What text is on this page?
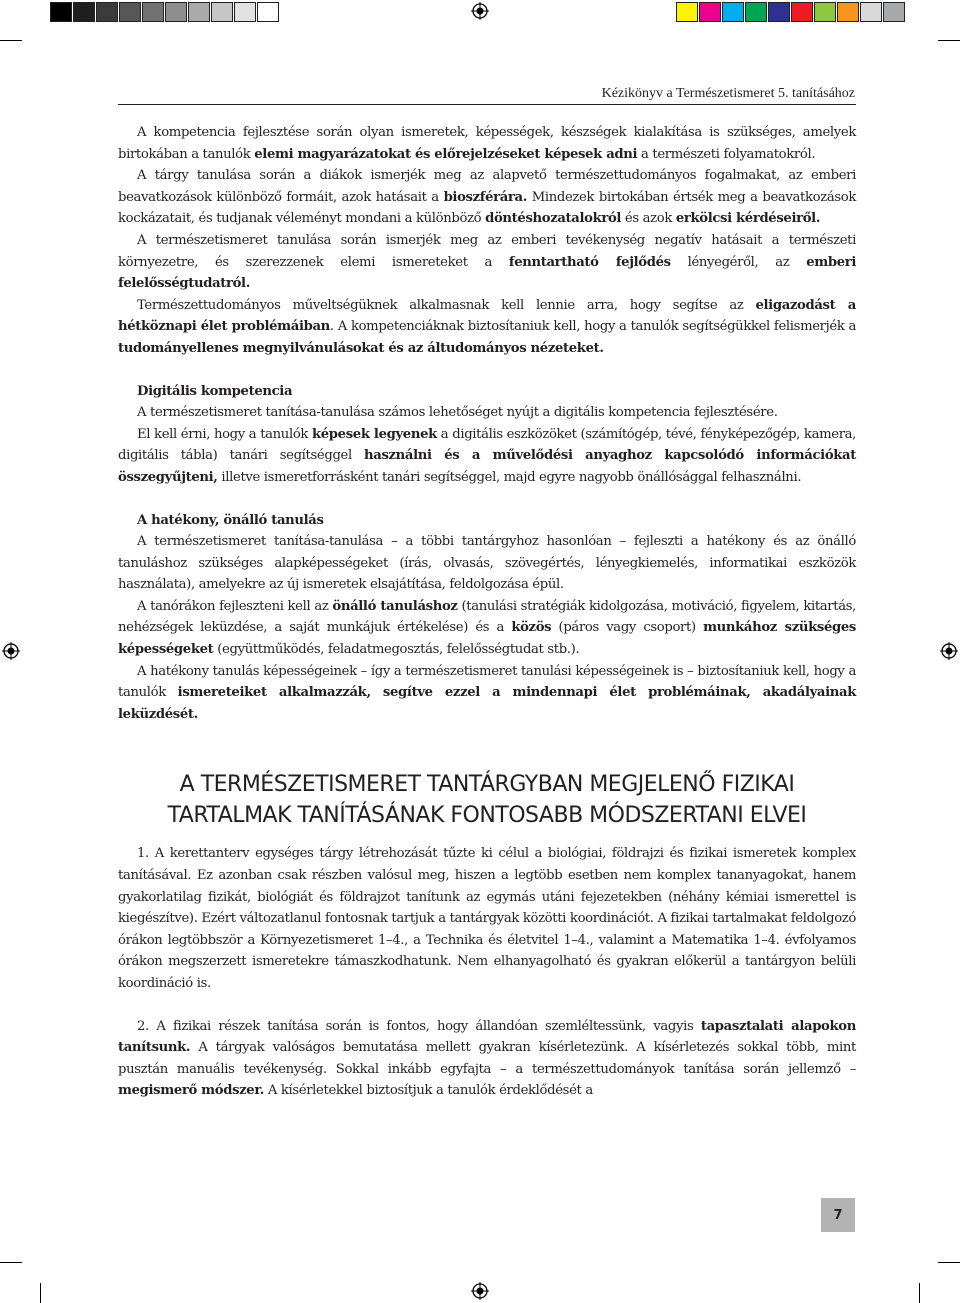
Kézikönyv a Természetismeret 5. tanításához

A kompetencia fejlesztése során olyan ismeretek, képességek, készségek kialakítása is szükséges, amelyek birtokában a tanulók elemi magyarázatokat és előrejelzéseket képesek adni a természeti folyamatokról.

A tárgy tanulása során a diákok ismerjék meg az alapvető természettudományos fogalmakat, az emberi beavatkozások különböző formáit, azok hatásait a bioszférára. Mindezek birtokában értsék meg a beavatkozások kockázatait, és tudjanak véleményt mondani a különböző döntéshozatalokról és azok erkölcsi kérdéseiről.

A természetismeret tanulása során ismerjék meg az emberi tevékenység negatív hatásait a természeti környezetre, és szerezzenek elemi ismereteket a fenntartható fejlődés lényegéről, az emberi felelősségtudatról.

Természettudományos műveltségüknek alkalmasnak kell lennie arra, hogy segítse az eligazodást a hétköznapi élet problémáiban. A kompetenciáknak biztosítaniuk kell, hogy a tanulók segítségükkel felismerjék a tudományellenes megnyilvánulásokat és az áltudományos nézeteket.

Digitális kompetencia

A természetismeret tanítása-tanulása számos lehetőséget nyújt a digitális kompetencia fejlesztésére.

El kell érni, hogy a tanulók képesek legyenek a digitális eszközöket (számítógép, tévé, fényképezőgép, kamera, digitális tábla) tanári segítséggel használni és a művelődési anyaghoz kapcsolódó információkat összegyűjteni, illetve ismeretforrásként tanári segítséggel, majd egyre nagyobb önállósággal felhasználni.

A hatékony, önálló tanulás

A természetismeret tanítása-tanulása – a többi tantárgyhoz hasonlóan – fejleszti a hatékony és az önálló tanuláshoz szükséges alapképességeket (írás, olvasás, szövegértés, lényegkiemelés, informatikai eszközök használata), amelyekre az új ismeretek elsajátítása, feldolgozása épül.

A tanórákon fejleszteni kell az önálló tanuláshoz (tanulási stratégiák kidolgozása, motiváció, figyelem, kitartás, nehézségek leküzdése, a saját munkájuk értékelése) és a közös (páros vagy csoport) munkához szükséges képességeket (együttműködés, feladatmegosztás, felelősségtudat stb.).

A hatékony tanulás képességeinek – így a természetismeret tanulási képességeinek is – biztosítaniuk kell, hogy a tanulók ismereteiket alkalmazzák, segítve ezzel a mindennapi élet problémáinak, akadályainak leküzdését.

A TERMÉSZETISMERET TANTÁRGYBAN MEGJELENŐ FIZIKAI
TARTALMAK TANÍTÁSÁNAK FONTOSABB MÓDSZERTANI ELVEI

1. A kerettanterv egységes tárgy létrehozását tűzte ki célul a biológiai, földrajzi és fizikai ismeretek komplex tanításával. Ez azonban csak részben valósul meg, hiszen a legtöbb esetben nem komplex tananyagokat, hanem gyakorlatilag fizikát, biológiát és földrajzot tanítunk az egymás utáni fejezetekben (néhány kémiai ismerettel is kiegészítve). Ezért változatlanul fontosnak tartjuk a tantárgyak közötti koordinációt. A fizikai tartalmakat feldolgozó órákon legtöbbször a Környezetismeret 1–4., a Technika és életvitel 1–4., valamint a Matematika 1–4. évfolyamos órákon megszerzett ismeretekre támaszkodhatunk. Nem elhanyagolható és gyakran előkerül a tantárgyon belüli koordináció is.

2. A fizikai részek tanítása során is fontos, hogy állandóan szemléltessünk, vagyis tapasztalati alapokon tanítsunk. A tárgyak valóságos bemutatása mellett gyakran kísérletezünk. A kísérletezés sokkal több, mint pusztán manuális tevékenység. Sokkal inkább egyfajta – a természettudományok tanítása során jellemző – megismerő módszer. A kísérletekkel biztosítjuk a tanulók érdeklődését a

7
